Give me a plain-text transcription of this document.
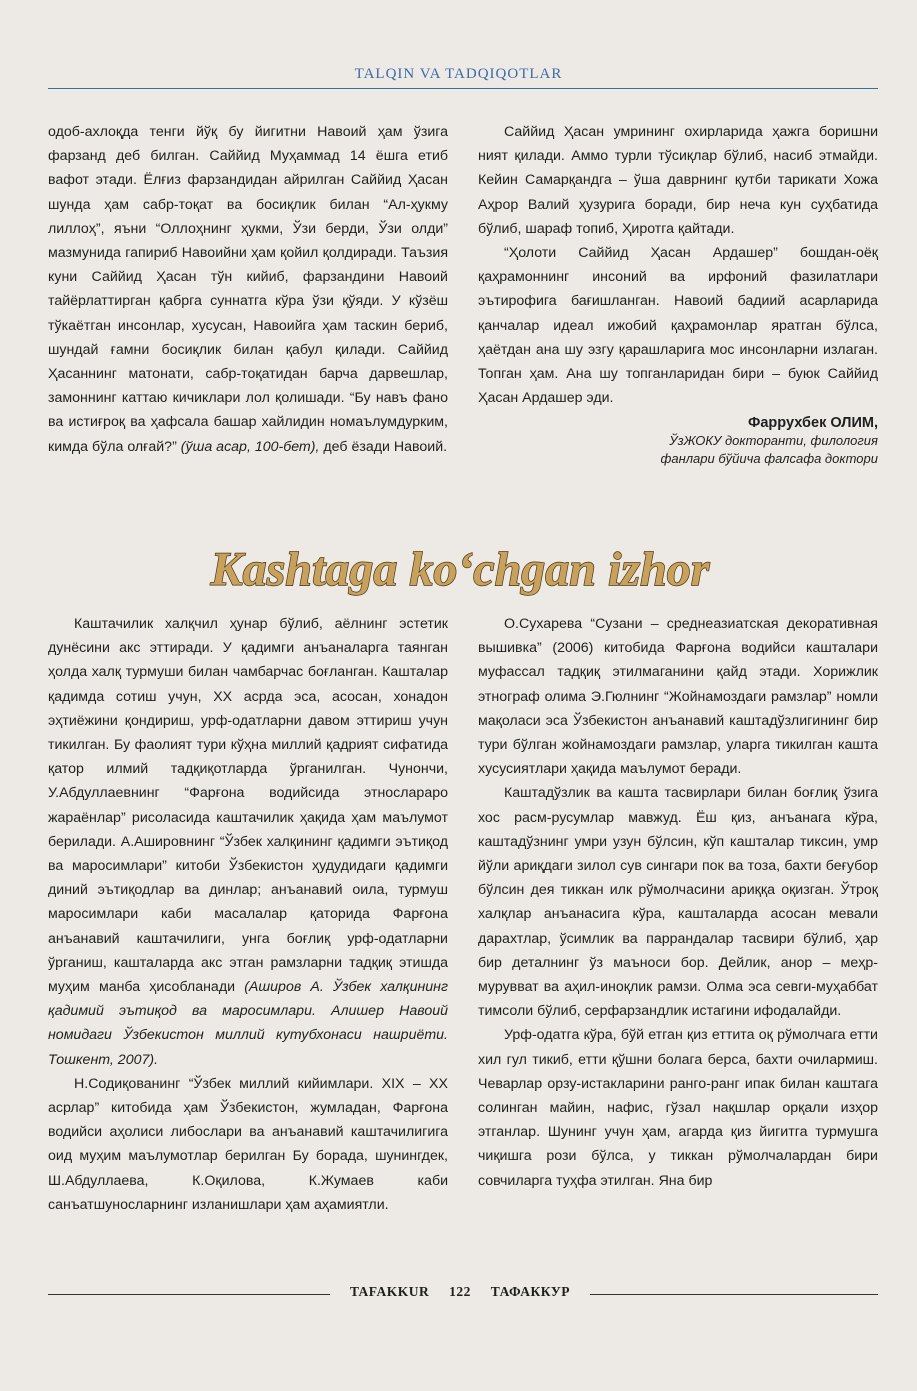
TALQIN VA TADQIQOTLAR

одоб-ахлоқда тенги йўқ бу йигитни Навоий ҳам ўзига фарзанд деб билган. Саййид Муҳаммад 14 ёшга етиб вафот этади. Ёлғиз фарзандидан айрилган Саййид Ҳасан шунда ҳам сабр-тоқат ва босиқлик билан “Ал-ҳукму лиллоҳ”, яъни “Оллоҳнинг ҳукми, Ўзи берди, Ўзи олди” мазмунида гапириб Навоийни ҳам қойил қолдиради. Таъзия куни Саййид Ҳасан тўн кийиб, фарзандини Навоий тайёрлаттирган қабрга суннатга кўра ўзи қўяди. У кўзёш тўкаётган инсонлар, хусусан, Навоийга ҳам таскин бериб, шундай ғамни босиқлик билан қабул қилади. Саййид Ҳасаннинг матонати, сабр-тоқатидан барча дарвешлар, замоннинг каттаю кичиклари лол қолишади. “Бу навъ фано ва истиғроқ ва ҳафсала башар хайлидин номаълумдурким, кимда бўла олғай?” (ўша асар, 100-бет), деб ёзади Навоий.

Саййид Ҳасан умрининг охирларида ҳажга боришни ният қилади. Аммо турли тўсиқлар бўлиб, насиб этмайди. Кейин Самарқандга – ўша даврнинг қутби тарикати Хожа Аҳрор Валий ҳузурига боради, бир неча кун суҳбатида бўлиб, шараф топиб, Ҳиротга қайтади.

“Ҳолоти Саййид Ҳасан Ардашер” бошдан-оёқ қаҳрамоннинг инсоний ва ирфоний фазилатлари эътирофига бағишланган. Навоий бадиий асарларида қанчалар идеал ижобий қаҳрамонлар яратган бўлса, ҳаётдан ана шу эзгу қарашларига мос инсонларни излаган. Топган ҳам. Ана шу топганларидан бири – буюк Саййид Ҳасан Ардашер эди.

Фаррухбек ОЛИМ,
ЎзЖОКУ докторанти, филология
фанлари бўйича фалсафа доктори
Kashtaga ko‘chgan izhor

Каштачилик халқчил ҳунар бўлиб, аёлнинг эстетик дунёсини акс эттиради. У қадимги анъаналарга таянган ҳолда халқ турмуши билан чамбарчас боғланган. Кашталар қадимда сотиш учун, ХХ асрда эса, асосан, хонадон эҳтиёжини қондириш, урф-одатларни давом эттириш учун тикилган. Бу фаолият тури кўҳна миллий қадрият сифатида қатор илмий тадқиқотларда ўрганилган. Чунончи, У.Абдуллаевнинг “Фарғона водийсида этнослараро жараёнлар” рисоласида каштачилик ҳақида ҳам маълумот берилади. А.Ашировнинг “Ўзбек халқининг қадимги эътиқод ва маросимлари” китоби Ўзбекистон ҳудудидаги қадимги диний эътиқодлар ва динлар; анъанавий оила, турмуш маросимлари каби масалалар қаторида Фарғона анъанавий каштачилиги, унга боғлиқ урф-одатларни ўрганиш, кашталарда акс этган рамзларни тадқиқ этишда муҳим манба ҳисобланади (Аширов А. Ўзбек халқининг қадимий эътиқод ва маросимлари. Алишер Навоий номидаги Ўзбекистон миллий кутубхонаси нашриёти. Тошкент, 2007).

Н.Содиқованинг “Ўзбек миллий кийимлари. XIX – XX асрлар” китобида ҳам Ўзбекистон, жумладан, Фарғона водийси аҳолиси либослари ва анъанавий каштачилигига оид муҳим маълумотлар берилган Бу борада, шунингдек, Ш.Абдуллаева, К.Оқилова, К.Жумаев каби санъатшуносларнинг изланишлари ҳам аҳамиятли.

О.Сухарева “Сузани – среднеазиатская декоративная вышивка” (2006) китобида Фарғона водийси кашталари муфассал тадқиқ этилмаганини қайд этади. Хорижлик этнограф олима Э.Гюлнинг “Жойнамоздаги рамзлар” номли мақоласи эса Ўзбекистон анъанавий каштадўзлигининг бир тури бўлган жойнамоздаги рамзлар, уларга тикилган кашта хусусиятлари ҳақида маълумот беради.

Каштадўзлик ва кашта тасвирлари билан боғлиқ ўзига хос расм-русумлар мавжуд. Ёш қиз, анъанага кўра, каштадўзнинг умри узун бўлсин, кўп кашталар тиксин, умр йўли ариқдаги зилол сув сингари пок ва тоза, бахти беғубор бўлсин дея тиккан илк рўмолчасини ариққа оқизган. Ўтроқ халқлар анъанасига кўра, кашталарда асосан мевали дарахтлар, ўсимлик ва паррандалар тасвири бўлиб, ҳар бир деталнинг ўз маъноси бор. Дейлик, анор – меҳр-мурувват ва аҳил-иноқлик рамзи. Олма эса севги-муҳаббат тимсоли бўлиб, серфарзандлик истагини ифодалайди.

Урф-одатга кўра, бўй етган қиз еттита оқ рўмолчага етти хил гул тикиб, етти қўшни болага берса, бахти очилармиш. Чеварлар орзу-истакларини ранго-ранг ипак билан каштага солинган майин, нафис, гўзал нақшлар орқали изҳор этганлар. Шунинг учун ҳам, агарда қиз йигитга турмушга чиқишга рози бўлса, у тиккан рўмолчалардан бири совчиларга туҳфа этилган. Яна бир

TAFAKKUR 122 ТАФАККУР
